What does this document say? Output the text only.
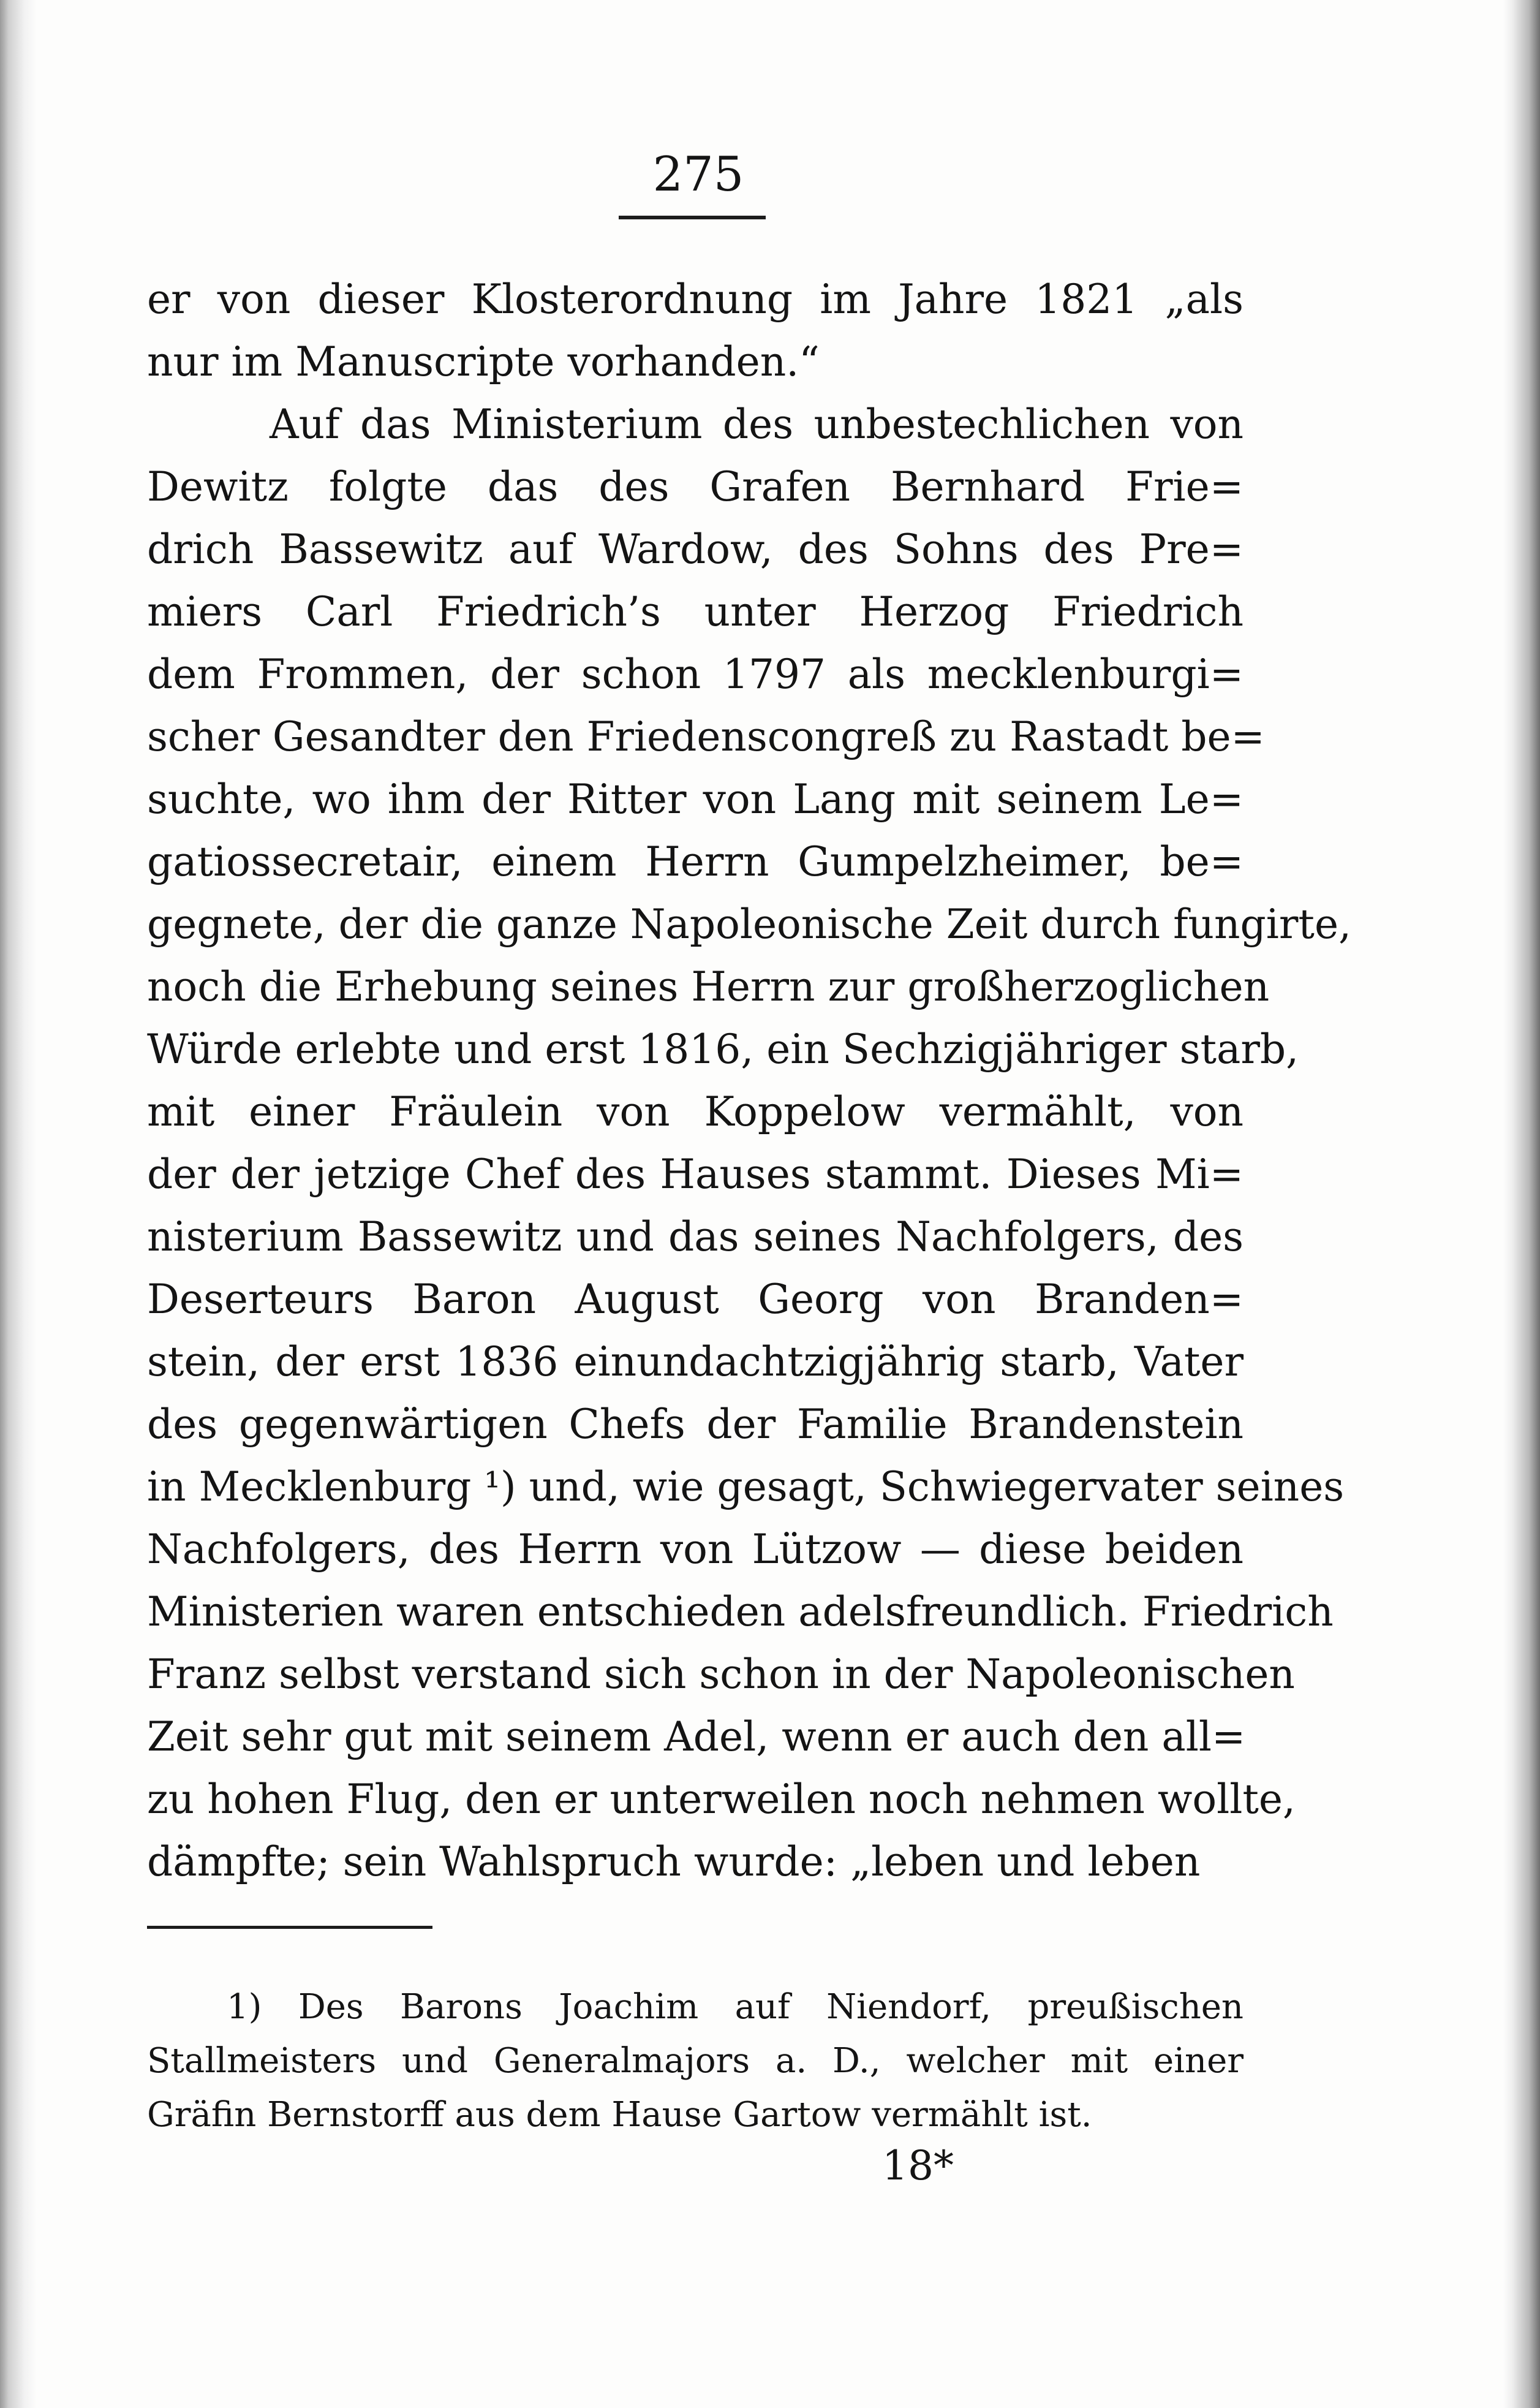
275
er von dieser Klosterordnung im Jahre 1821 „als
nur im Manuscripte vorhanden.“
Auf das Ministerium des unbestechlichen von
Dewitz folgte das des Grafen Bernhard Frie=
drich Bassewitz auf Wardow, des Sohns des Pre=
miers Carl Friedrich’s unter Herzog Friedrich
dem Frommen, der schon 1797 als mecklenburgi=
scher Gesandter den Friedenscongreß zu Rastadt be=
suchte, wo ihm der Ritter von Lang mit seinem Le=
gatiossecretair, einem Herrn Gumpelzheimer, be=
gegnete, der die ganze Napoleonische Zeit durch fungirte,
noch die Erhebung seines Herrn zur großherzoglichen
Würde erlebte und erst 1816, ein Sechzigjähriger starb,
mit einer Fräulein von Koppelow vermählt, von
der der jetzige Chef des Hauses stammt. Dieses Mi=
nisterium Bassewitz und das seines Nachfolgers, des
Deserteurs Baron August Georg von Branden=
stein, der erst 1836 einundachtzigjährig starb, Vater
des gegenwärtigen Chefs der Familie Brandenstein
in Mecklenburg ¹) und, wie gesagt, Schwiegervater seines
Nachfolgers, des Herrn von Lützow — diese beiden
Ministerien waren entschieden adelsfreundlich. Friedrich
Franz selbst verstand sich schon in der Napoleonischen
Zeit sehr gut mit seinem Adel, wenn er auch den all=
zu hohen Flug, den er unterweilen noch nehmen wollte,
dämpfte; sein Wahlspruch wurde: „leben und leben
1) Des Barons Joachim auf Niendorf, preußischen
Stallmeisters und Generalmajors a. D., welcher mit einer
Gräfin Bernstorff aus dem Hause Gartow vermählt ist.
18*
